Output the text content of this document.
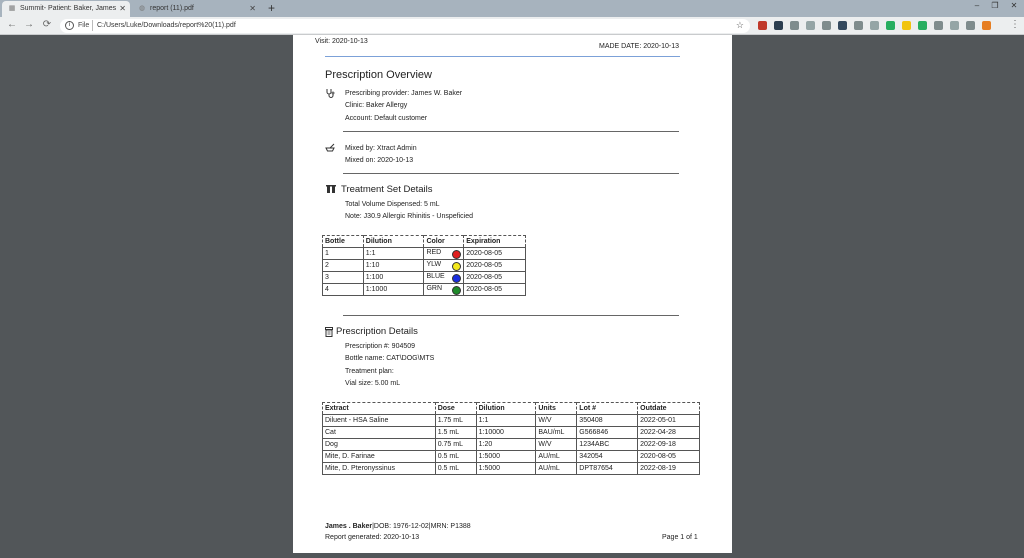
▦ Summit- Patient: Baker, James ✕ ◍ report (11).pdf	✕ +	–	❐	✕
← → ⟳	i	File C:/Users/Luke/Downloads/report%20(11).pdf	☆	⋮
Visit: 2020-10-13
MADE DATE: 2020-10-13
Prescription Overview
Prescribing provider: James W. Baker
Clinic: Baker Allergy
Account: Default customer
Mixed by: Xtract Admin
Mixed on: 2020-10-13
Treatment Set Details
Total Volume Dispensed: 5 mL
Note: J30.9 Allergic Rhinitis - Unspeficied
Bottle	Dilution	Color	Expiration
1	1:1	RED	2020-08-05
2	1:10	YLW	2020-08-05
3	1:100	BLUE	2020-08-05
4	1:1000	GRN	2020-08-05
Prescription Details
Prescription #: 904509
Bottle name: CAT\DOG\MTS
Treatment plan:
Vial size: 5.00 mL
Extract	Dose	Dilution	Units	Lot #	Outdate
Diluent - HSA Saline	1.75 mL	1:1	W/V	350408	2022-05-01
Cat	1.5 mL	1:10000	BAU/mL	G566846	2022-04-28
Dog	0.75 mL	1:20	W/V	1234ABC	2022-09-18
Mite, D. Farinae	0.5 mL	1:5000	AU/mL	342054	2020-08-05
Mite, D. Pteronyssinus	0.5 mL	1:5000	AU/mL	DPT87654	2022-08-19
James . Baker|DOB: 1976-12-02|MRN: P1388
Report generated: 2020-10-13	Page 1 of 1
